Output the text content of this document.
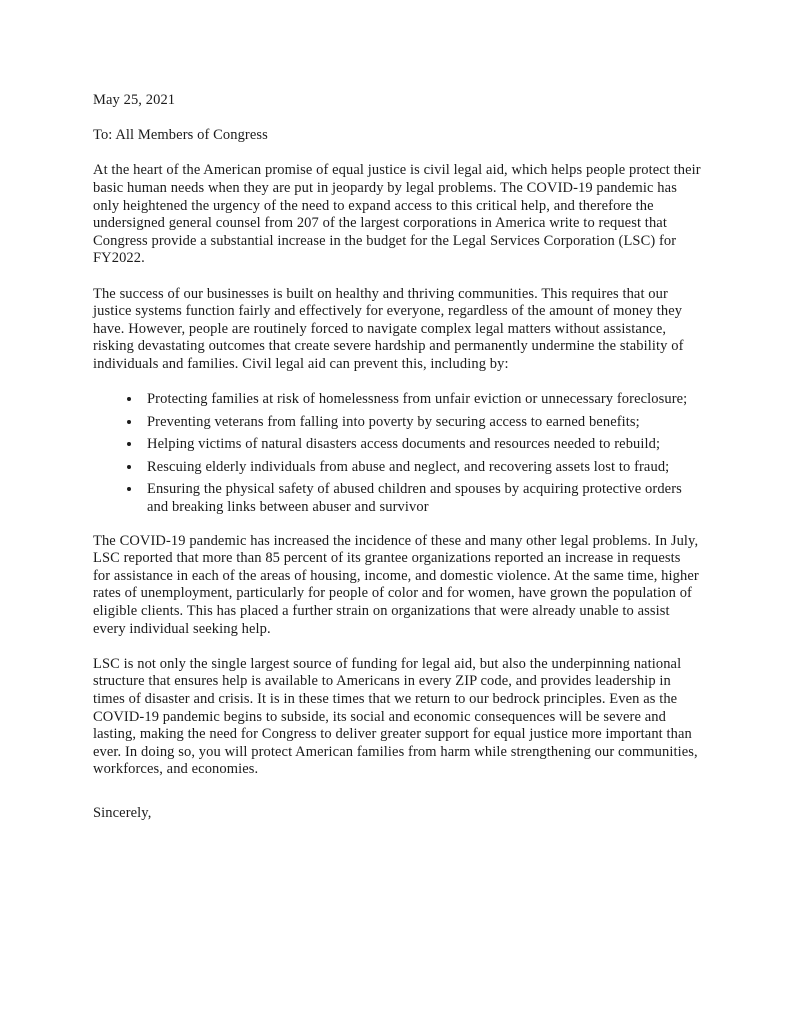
May 25, 2021

To: All Members of Congress

At the heart of the American promise of equal justice is civil legal aid, which helps people protect their basic human needs when they are put in jeopardy by legal problems. The COVID-19 pandemic has only heightened the urgency of the need to expand access to this critical help, and therefore the undersigned general counsel from 207 of the largest corporations in America write to request that Congress provide a substantial increase in the budget for the Legal Services Corporation (LSC) for FY2022.

The success of our businesses is built on healthy and thriving communities. This requires that our justice systems function fairly and effectively for everyone, regardless of the amount of money they have. However, people are routinely forced to navigate complex legal matters without assistance, risking devastating outcomes that create severe hardship and permanently undermine the stability of individuals and families. Civil legal aid can prevent this, including by:

• Protecting families at risk of homelessness from unfair eviction or unnecessary foreclosure;
• Preventing veterans from falling into poverty by securing access to earned benefits;
• Helping victims of natural disasters access documents and resources needed to rebuild;
• Rescuing elderly individuals from abuse and neglect, and recovering assets lost to fraud;
• Ensuring the physical safety of abused children and spouses by acquiring protective orders and breaking links between abuser and survivor

The COVID-19 pandemic has increased the incidence of these and many other legal problems. In July, LSC reported that more than 85 percent of its grantee organizations reported an increase in requests for assistance in each of the areas of housing, income, and domestic violence. At the same time, higher rates of unemployment, particularly for people of color and for women, have grown the population of eligible clients. This has placed a further strain on organizations that were already unable to assist every individual seeking help.

LSC is not only the single largest source of funding for legal aid, but also the underpinning national structure that ensures help is available to Americans in every ZIP code, and provides leadership in times of disaster and crisis. It is in these times that we return to our bedrock principles. Even as the COVID-19 pandemic begins to subside, its social and economic consequences will be severe and lasting, making the need for Congress to deliver greater support for equal justice more important than ever. In doing so, you will protect American families from harm while strengthening our communities, workforces, and economies.

Sincerely,
